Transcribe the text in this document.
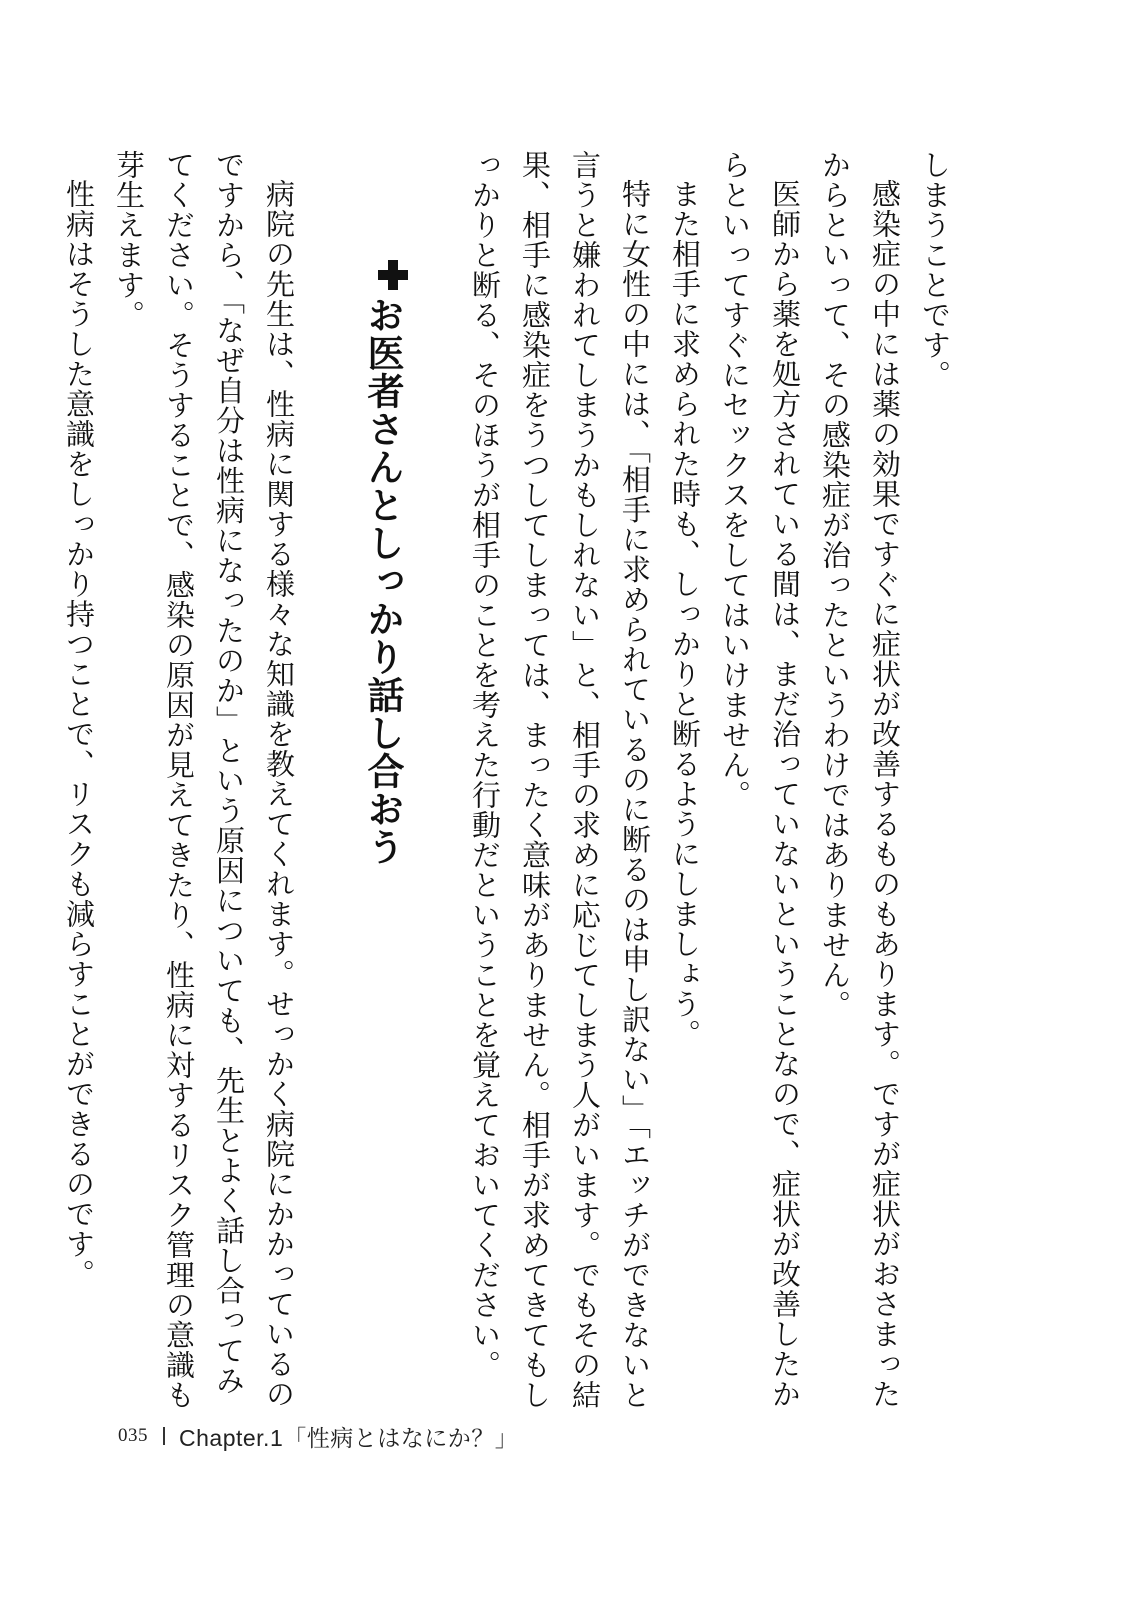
しまうことです。

感染症の中には薬の効果ですぐに症状が改善するものもあります。ですが症状がおさまったからといって、その感染症が治ったというわけではありません。

医師から薬を処方されている間は、まだ治っていないということなので、症状が改善したからといってすぐにセックスをしてはいけません。

また相手に求められた時も、しっかりと断るようにしましょう。

特に女性の中には、「相手に求められているのに断るのは申し訳ない」「エッチができないと言うと嫌われてしまうかもしれない」と、相手の求めに応じてしまう人がいます。でもその結果、相手に感染症をうつしてしまっては、まったく意味がありません。相手が求めてきてもしっかりと断る、そのほうが相手のことを考えた行動だということを覚えておいてください。

お医者さんとしっかり話し合おう

病院の先生は、性病に関する様々な知識を教えてくれます。せっかく病院にかかっているのですから、「なぜ自分は性病になったのか」という原因についても、先生とよく話し合ってみてください。そうすることで、感染の原因が見えてきたり、性病に対するリスク管理の意識も芽生えます。

性病はそうした意識をしっかり持つことで、リスクも減らすことができるのです。

035 Chapter.1「性病とはなにか？」
